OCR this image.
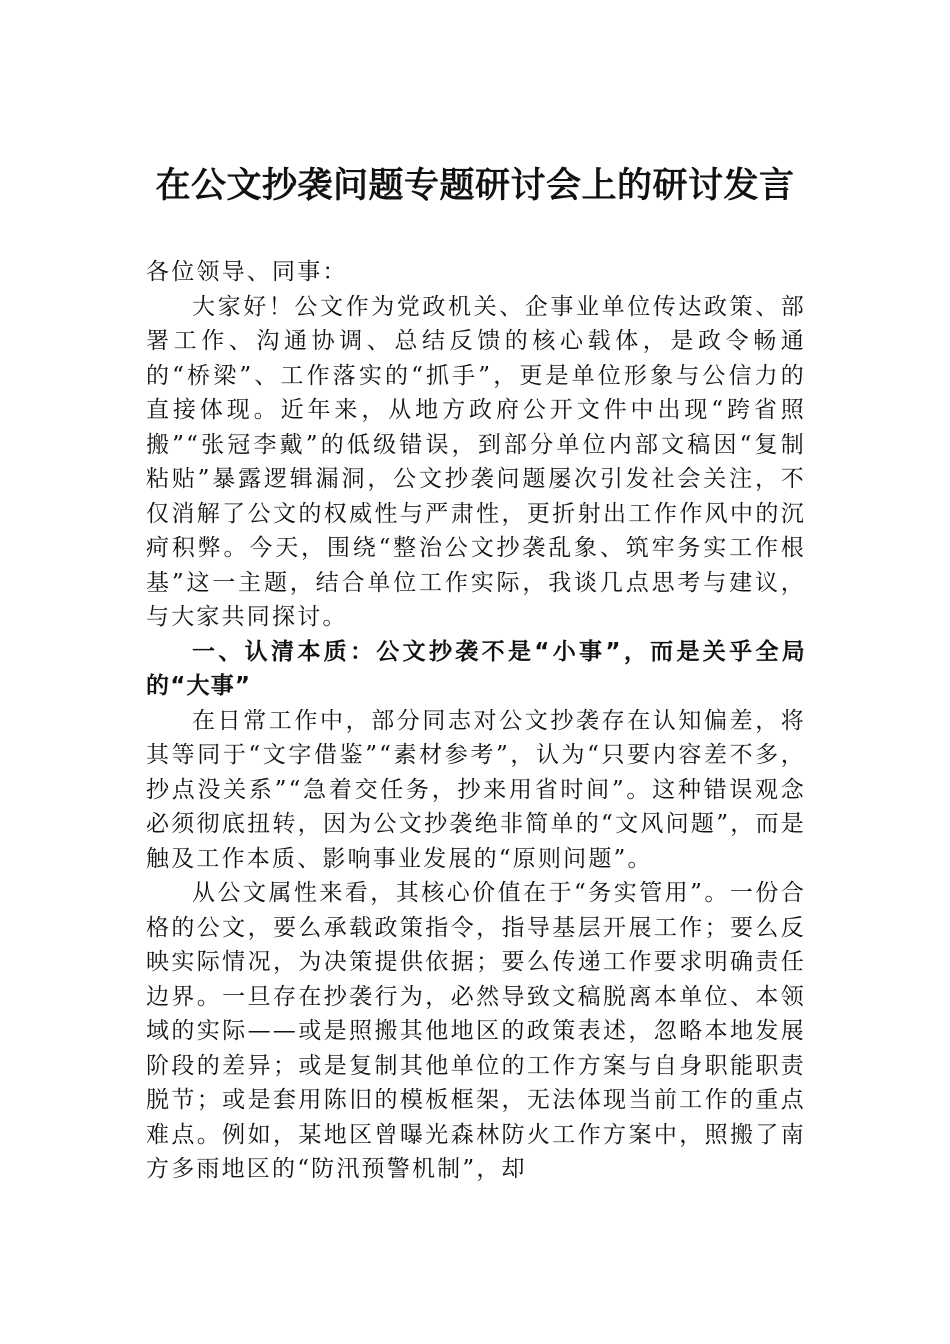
在公文抄袭问题专题研讨会上的研讨发言

各位领导、同事：

大家好！公文作为党政机关、企事业单位传达政策、部署工作、沟通协调、总结反馈的核心载体，是政令畅通的“桥梁”、工作落实的“抓手”，更是单位形象与公信力的直接体现。近年来，从地方政府公开文件中出现“跨省照搬”“张冠李戴”的低级错误，到部分单位内部文稿因“复制粘贴”暴露逻辑漏洞，公文抄袭问题屡次引发社会关注，不仅消解了公文的权威性与严肃性，更折射出工作作风中的沉疴积弊。今天，围绕“整治公文抄袭乱象、筑牢务实工作根基”这一主题，结合单位工作实际，我谈几点思考与建议，与大家共同探讨。

一、认清本质：公文抄袭不是“小事”，而是关乎全局的“大事”

在日常工作中，部分同志对公文抄袭存在认知偏差，将其等同于“文字借鉴”“素材参考”，认为“只要内容差不多，抄点没关系”“急着交任务，抄来用省时间”。这种错误观念必须彻底扭转，因为公文抄袭绝非简单的“文风问题”，而是触及工作本质、影响事业发展的“原则问题”。

从公文属性来看，其核心价值在于“务实管用”。一份合格的公文，要么承载政策指令，指导基层开展工作；要么反映实际情况，为决策提供依据；要么传递工作要求明确责任边界。一旦存在抄袭行为，必然导致文稿脱离本单位、本领域的实际——或是照搬其他地区的政策表述，忽略本地发展阶段的差异；或是复制其他单位的工作方案与自身职能职责脱节；或是套用陈旧的模板框架，无法体现当前工作的重点难点。例如，某地区曾曝光森林防火工作方案中，照搬了南方多雨地区的“防汛预警机制”，却
